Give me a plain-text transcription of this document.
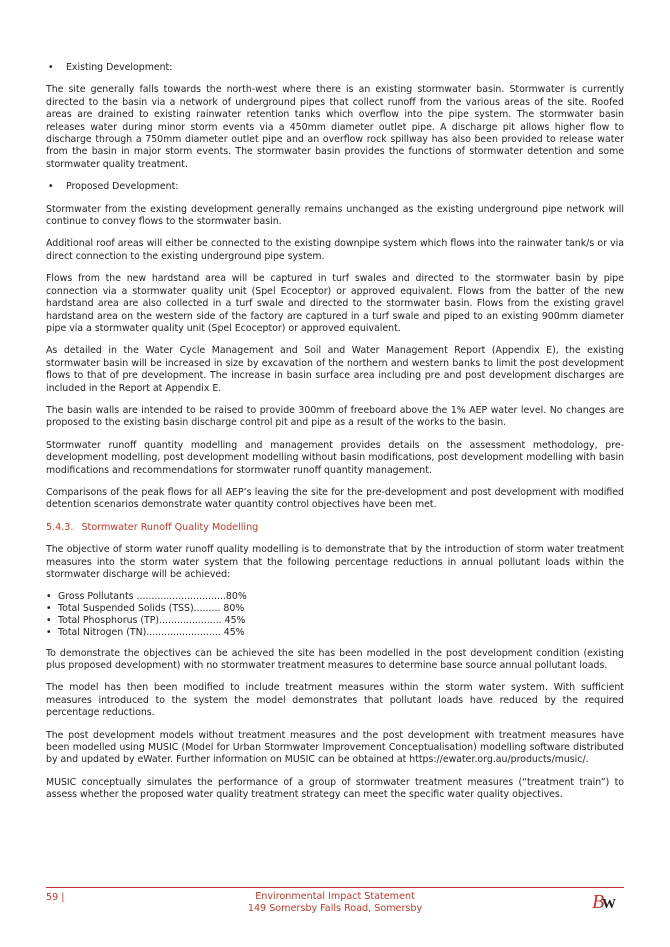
• Existing Development:

The site generally falls towards the north-west where there is an existing stormwater basin. Stormwater is currently directed to the basin via a network of underground pipes that collect runoff from the various areas of the site. Roofed areas are drained to existing rainwater retention tanks which overflow into the pipe system. The stormwater basin releases water during minor storm events via a 450mm diameter outlet pipe. A discharge pit allows higher flow to discharge through a 750mm diameter outlet pipe and an overflow rock spillway has also been provided to release water from the basin in major storm events. The stormwater basin provides the functions of stormwater detention and some stormwater quality treatment.

• Proposed Development:

Stormwater from the existing development generally remains unchanged as the existing underground pipe network will continue to convey flows to the stormwater basin.

Additional roof areas will either be connected to the existing downpipe system which flows into the rainwater tank/s or via direct connection to the existing underground pipe system.

Flows from the new hardstand area will be captured in turf swales and directed to the stormwater basin by pipe connection via a stormwater quality unit (Spel Ecoceptor) or approved equivalent. Flows from the batter of the new hardstand area are also collected in a turf swale and directed to the stormwater basin. Flows from the existing gravel hardstand area on the western side of the factory are captured in a turf swale and piped to an existing 900mm diameter pipe via a stormwater quality unit (Spel Ecoceptor) or approved equivalent.

As detailed in the Water Cycle Management and Soil and Water Management Report (Appendix E), the existing stormwater basin will be increased in size by excavation of the northern and western banks to limit the post development flows to that of pre development. The increase in basin surface area including pre and post development discharges are included in the Report at Appendix E.

The basin walls are intended to be raised to provide 300mm of freeboard above the 1% AEP water level. No changes are proposed to the existing basin discharge control pit and pipe as a result of the works to the basin.

Stormwater runoff quantity modelling and management provides details on the assessment methodology, pre-development modelling, post development modelling without basin modifications, post development modelling with basin modifications and recommendations for stormwater runoff quantity management.

Comparisons of the peak flows for all AEP’s leaving the site for the pre-development and post development with modified detention scenarios demonstrate water quantity control objectives have been met.

5.4.3. Stormwater Runoff Quality Modelling

The objective of storm water runoff quality modelling is to demonstrate that by the introduction of storm water treatment measures into the storm water system that the following percentage reductions in annual pollutant loads within the stormwater discharge will be achieved:

• Gross Pollutants ..............................80%
• Total Suspended Solids (TSS)......... 80%
• Total Phosphorus (TP)..................... 45%
• Total Nitrogen (TN)......................... 45%

To demonstrate the objectives can be achieved the site has been modelled in the post development condition (existing plus proposed development) with no stormwater treatment measures to determine base source annual pollutant loads.

The model has then been modified to include treatment measures within the storm water system. With sufficient measures introduced to the system the model demonstrates that pollutant loads have reduced by the required percentage reductions.

The post development models without treatment measures and the post development with treatment measures have been modelled using MUSIC (Model for Urban Stormwater Improvement Conceptualisation) modelling software distributed by and updated by eWater. Further information on MUSIC can be obtained at https://ewater.org.au/products/music/.

MUSIC conceptually simulates the performance of a group of stormwater treatment measures (“treatment train”) to assess whether the proposed water quality treatment strategy can meet the specific water quality objectives.

59 |	Environmental Impact Statement
149 Somersby Falls Road, Somersby	B
W
